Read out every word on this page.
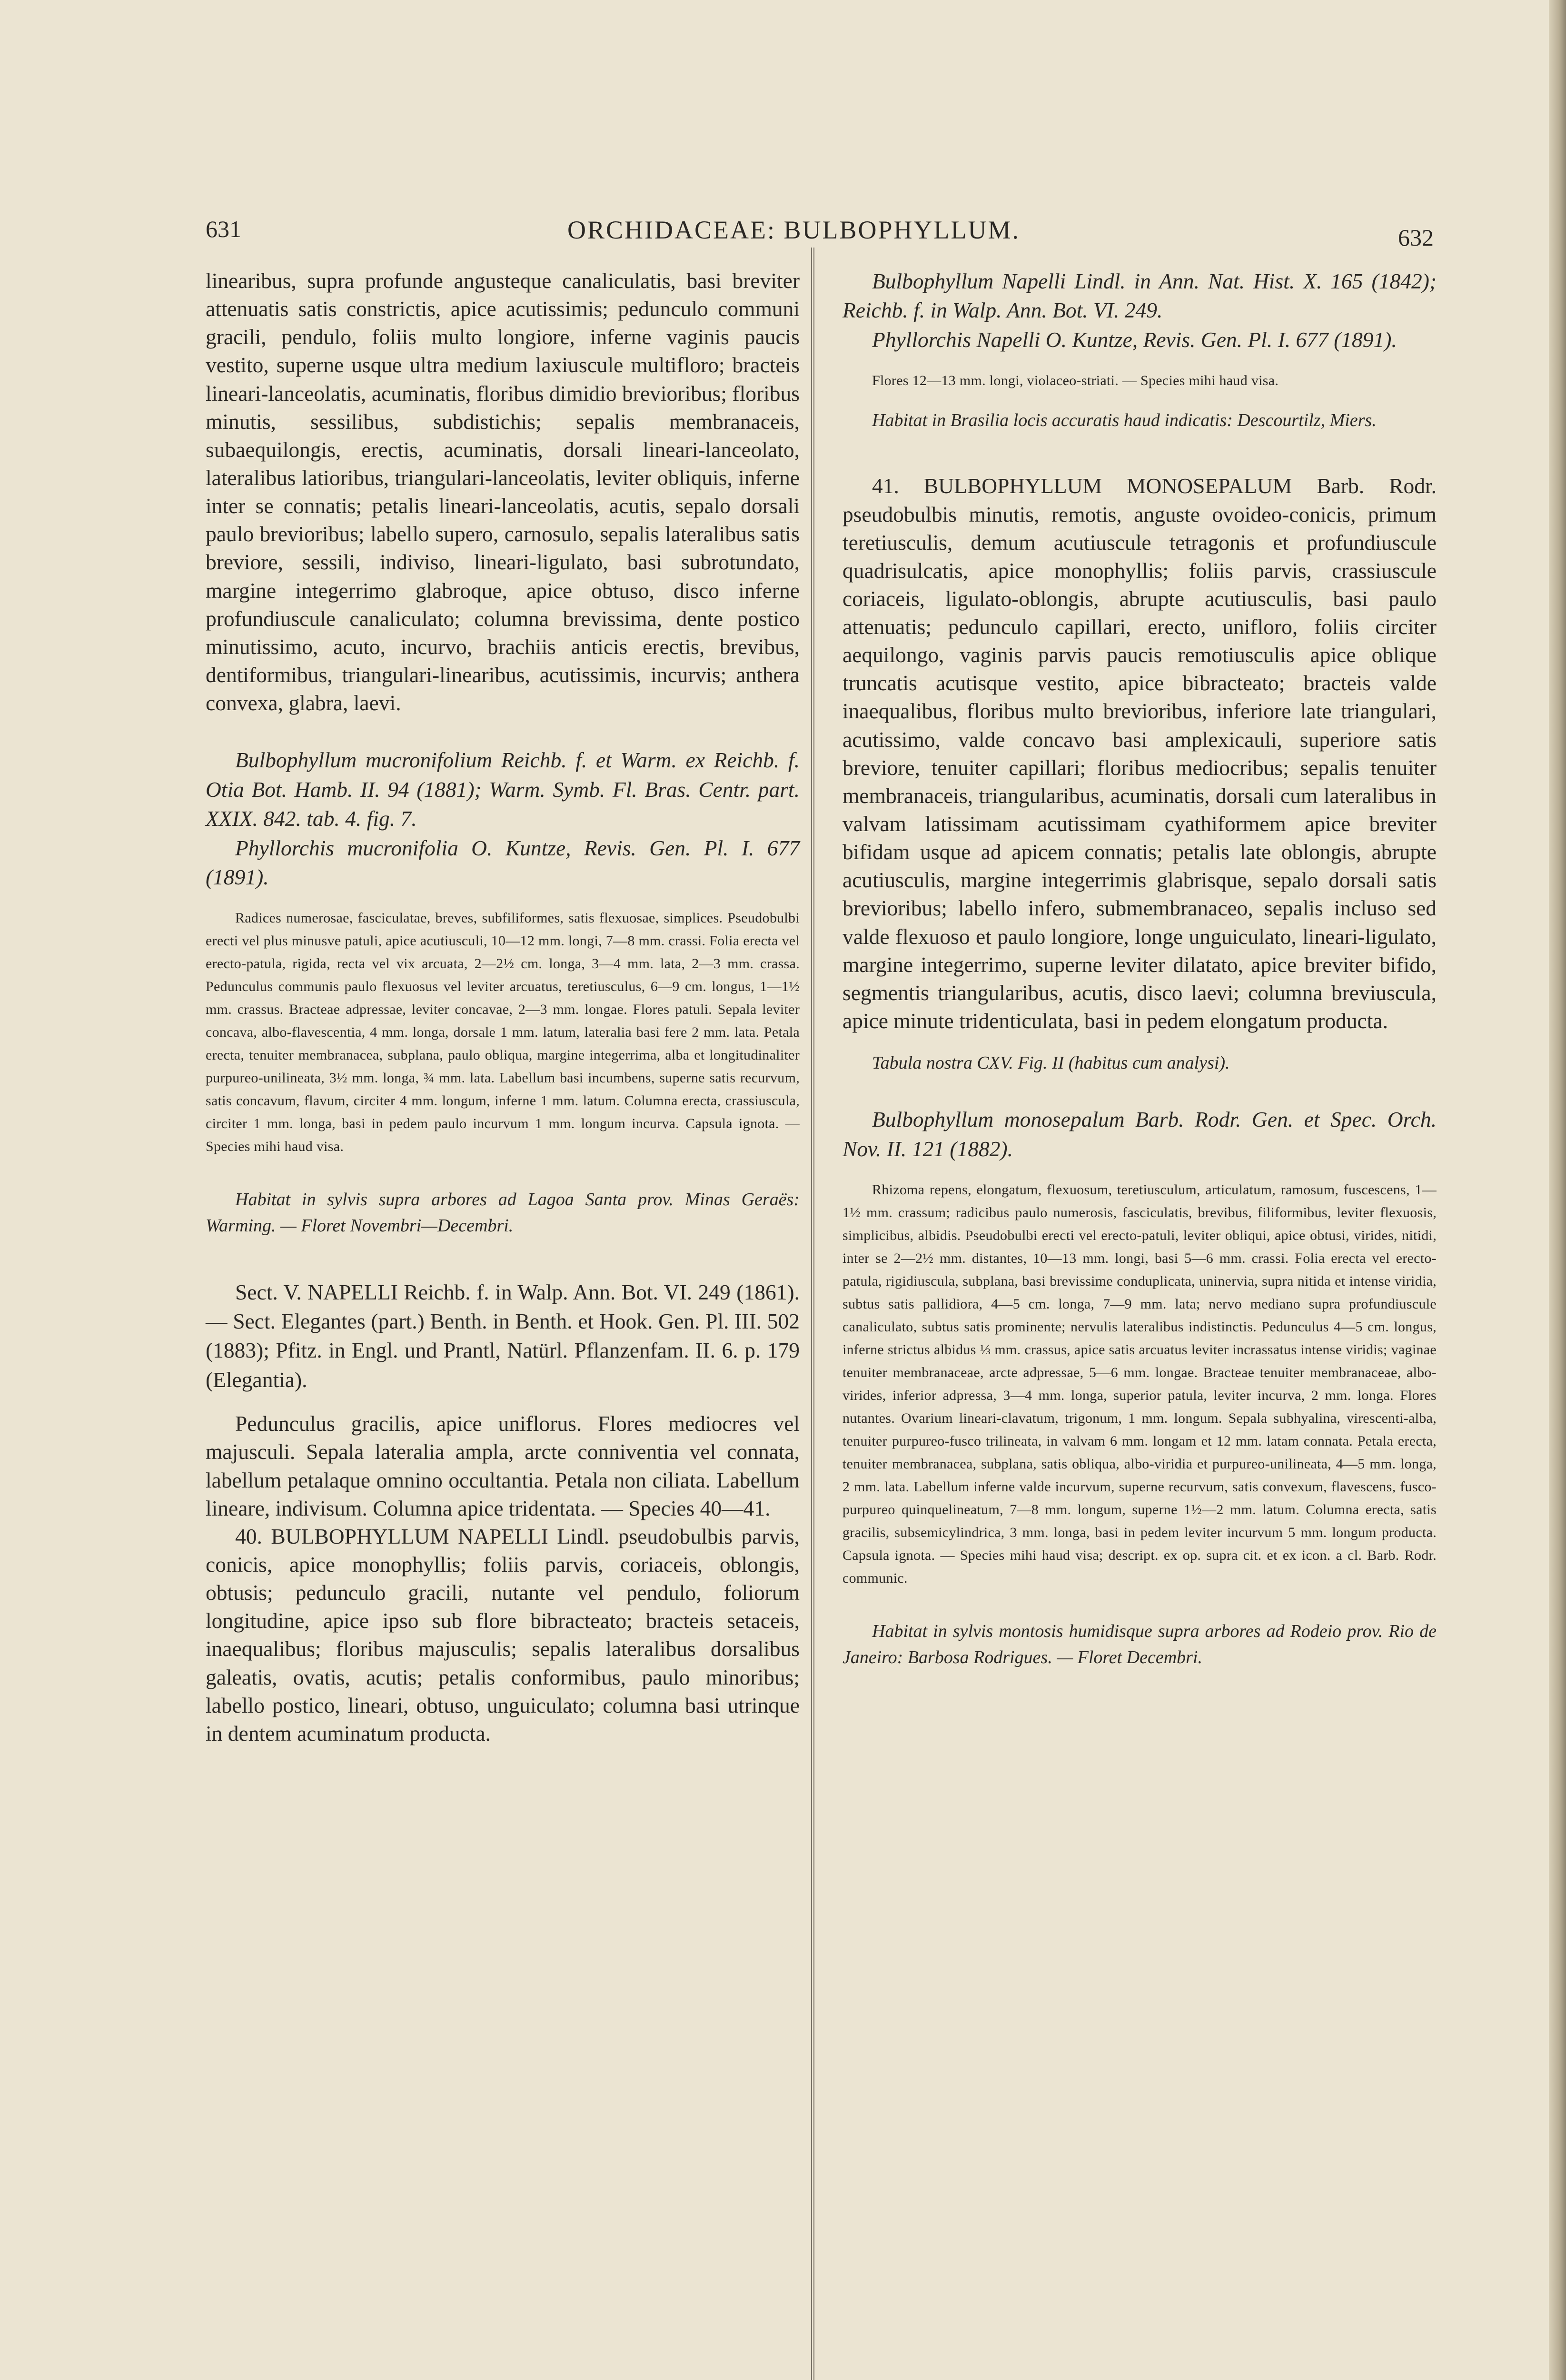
631	ORCHIDACEAE: BULBOPHYLLUM.	632

linearibus, supra profunde angusteque canaliculatis, basi breviter attenuatis satis constrictis, apice acutissimis; pedunculo communi gracili, pendulo, foliis multo longiore, inferne vaginis paucis vestito, superne usque ultra medium laxiuscule multifloro; bracteis lineari-lanceolatis, acuminatis, floribus dimidio brevioribus; floribus minutis, sessilibus, subdistichis; sepalis membranaceis, subaequilongis, erectis, acuminatis, dorsali lineari-lanceolato, lateralibus latioribus, triangulari-lanceolatis, leviter obliquis, inferne inter se connatis; petalis lineari-lanceolatis, acutis, sepalo dorsali paulo brevioribus; labello supero, carnosulo, sepalis lateralibus satis breviore, sessili, indiviso, lineari-ligulato, basi subrotundato, margine integerrimo glabroque, apice obtuso, disco inferne profundiuscule canaliculato; columna brevissima, dente postico minutissimo, acuto, incurvo, brachiis anticis erectis, brevibus, dentiformibus, triangulari-linearibus, acutissimis, incurvis; anthera convexa, glabra, laevi.

Bulbophyllum mucronifolium Reichb. f. et Warm. ex Reichb. f. Otia Bot. Hamb. II. 94 (1881); Warm. Symb. Fl. Bras. Centr. part. XXIX. 842. tab. 4. fig. 7.

Phyllorchis mucronifolia O. Kuntze, Revis. Gen. Pl. I. 677 (1891).

Radices numerosae, fasciculatae, breves, subfiliformes, satis flexuosae, simplices. Pseudobulbi erecti vel plus minusve patuli, apice acutiusculi, 10—12 mm. longi, 7—8 mm. crassi. Folia erecta vel erecto-patula, rigida, recta vel vix arcuata, 2—2½ cm. longa, 3—4 mm. lata, 2—3 mm. crassa. Pedunculus communis paulo flexuosus vel leviter arcuatus, teretiusculus, 6—9 cm. longus, 1—1½ mm. crassus. Bracteae adpressae, leviter concavae, 2—3 mm. longae. Flores patuli. Sepala leviter concava, albo-flavescentia, 4 mm. longa, dorsale 1 mm. latum, lateralia basi fere 2 mm. lata. Petala erecta, tenuiter membranacea, subplana, paulo obliqua, margine integerrima, alba et longitudinaliter purpureo-unilineata, 3½ mm. longa, ¾ mm. lata. Labellum basi incumbens, superne satis recurvum, satis concavum, flavum, circiter 4 mm. longum, inferne 1 mm. latum. Columna erecta, crassiuscula, circiter 1 mm. longa, basi in pedem paulo incurvum 1 mm. longum incurva. Capsula ignota. — Species mihi haud visa.

Habitat in sylvis supra arbores ad Lagoa Santa prov. Minas Geraës: Warming. — Floret Novembri—Decembri.

Sect. V. NAPELLI Reichb. f. in Walp. Ann. Bot. VI. 249 (1861). — Sect. Elegantes (part.) Benth. in Benth. et Hook. Gen. Pl. III. 502 (1883); Pfitz. in Engl. und Prantl, Natürl. Pflanzenfam. II. 6. p. 179 (Elegantia).

Pedunculus gracilis, apice uniflorus. Flores mediocres vel majusculi. Sepala lateralia ampla, arcte conniventia vel connata, labellum petalaque omnino occultantia. Petala non ciliata. Labellum lineare, indivisum. Columna apice tridentata. — Species 40—41.

40. BULBOPHYLLUM NAPELLI Lindl. pseudobulbis parvis, conicis, apice monophyllis; foliis parvis, coriaceis, oblongis, obtusis; pedunculo gracili, nutante vel pendulo, foliorum longitudine, apice ipso sub flore bibracteato; bracteis setaceis, inaequalibus; floribus majusculis; sepalis lateralibus dorsalibus galeatis, ovatis, acutis; petalis conformibus, paulo minoribus; labello postico, lineari, obtuso, unguiculato; columna basi utrinque in dentem acuminatum producta.

Bulbophyllum Napelli Lindl. in Ann. Nat. Hist. X. 165 (1842); Reichb. f. in Walp. Ann. Bot. VI. 249.

Phyllorchis Napelli O. Kuntze, Revis. Gen. Pl. I. 677 (1891).

Flores 12—13 mm. longi, violaceo-striati. — Species mihi haud visa.

Habitat in Brasilia locis accuratis haud indicatis: Descourtilz, Miers.

41. BULBOPHYLLUM MONOSEPALUM Barb. Rodr. pseudobulbis minutis, remotis, anguste ovoideo-conicis, primum teretiusculis, demum acutiuscule tetragonis et profundiuscule quadrisulcatis, apice monophyllis; foliis parvis, crassiuscule coriaceis, ligulato-oblongis, abrupte acutiusculis, basi paulo attenuatis; pedunculo capillari, erecto, unifloro, foliis circiter aequilongo, vaginis parvis paucis remotiusculis apice oblique truncatis acutisque vestito, apice bibracteato; bracteis valde inaequalibus, floribus multo brevioribus, inferiore late triangulari, acutissimo, valde concavo basi amplexicauli, superiore satis breviore, tenuiter capillari; floribus mediocribus; sepalis tenuiter membranaceis, triangularibus, acuminatis, dorsali cum lateralibus in valvam latissimam acutissimam cyathiformem apice breviter bifidam usque ad apicem connatis; petalis late oblongis, abrupte acutiusculis, margine integerrimis glabrisque, sepalo dorsali satis brevioribus; labello infero, submembranaceo, sepalis incluso sed valde flexuoso et paulo longiore, longe unguiculato, lineari-ligulato, margine integerrimo, superne leviter dilatato, apice breviter bifido, segmentis triangularibus, acutis, disco laevi; columna breviuscula, apice minute tridenticulata, basi in pedem elongatum producta.

Tabula nostra CXV. Fig. II (habitus cum analysi).

Bulbophyllum monosepalum Barb. Rodr. Gen. et Spec. Orch. Nov. II. 121 (1882).

Rhizoma repens, elongatum, flexuosum, teretiusculum, articulatum, ramosum, fuscescens, 1—1½ mm. crassum; radicibus paulo numerosis, fasciculatis, brevibus, filiformibus, leviter flexuosis, simplicibus, albidis. Pseudobulbi erecti vel erecto-patuli, leviter obliqui, apice obtusi, virides, nitidi, inter se 2—2½ mm. distantes, 10—13 mm. longi, basi 5—6 mm. crassi. Folia erecta vel erecto-patula, rigidiuscula, subplana, basi brevissime conduplicata, uninervia, supra nitida et intense viridia, subtus satis pallidiora, 4—5 cm. longa, 7—9 mm. lata; nervo mediano supra profundiuscule canaliculato, subtus satis prominente; nervulis lateralibus indistinctis. Pedunculus 4—5 cm. longus, inferne strictus albidus ⅓ mm. crassus, apice satis arcuatus leviter incrassatus intense viridis; vaginae tenuiter membranaceae, arcte adpressae, 5—6 mm. longae. Bracteae tenuiter membranaceae, albo-virides, inferior adpressa, 3—4 mm. longa, superior patula, leviter incurva, 2 mm. longa. Flores nutantes. Ovarium lineari-clavatum, trigonum, 1 mm. longum. Sepala subhyalina, virescenti-alba, tenuiter purpureo-fusco trilineata, in valvam 6 mm. longam et 12 mm. latam connata. Petala erecta, tenuiter membranacea, subplana, satis obliqua, albo-viridia et purpureo-unilineata, 4—5 mm. longa, 2 mm. lata. Labellum inferne valde incurvum, superne recurvum, satis convexum, flavescens, fusco-purpureo quinquelineatum, 7—8 mm. longum, superne 1½—2 mm. latum. Columna erecta, satis gracilis, subsemicylindrica, 3 mm. longa, basi in pedem leviter incurvum 5 mm. longum producta. Capsula ignota. — Species mihi haud visa; descript. ex op. supra cit. et ex icon. a cl. Barb. Rodr. communic.

Habitat in sylvis montosis humidisque supra arbores ad Rodeio prov. Rio de Janeiro: Barbosa Rodrigues. — Floret Decembri.
